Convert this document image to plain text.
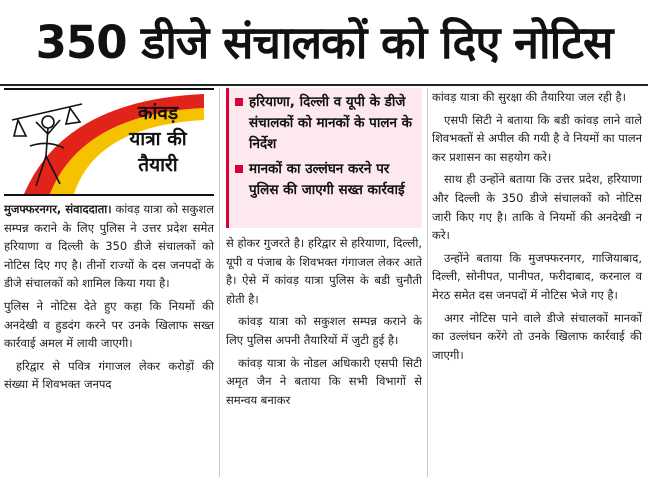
350 डीजे संचालकों को दिए नोटिस
कांवड़
यात्रा की
तैयारी

मुजफ्फरनगर, संवाददाता। कांवड़ यात्रा को सकुशल सम्पन्न कराने के लिए पुलिस ने उत्तर प्रदेश समेत हरियाणा व दिल्ली के 350 डीजे संचालकों को नोटिस दिए गए है। तीनों राज्यों के दस जनपदों के डीजे संचालकों को शामिल किया गया है।

पुलिस ने नोटिस देते हुए कहा कि नियमों की अनदेखी व हुडदंग करने पर उनके खिलाफ सख्त कार्रवाई अमल में लायी जाएगी।

हरिद्वार से पवित्र गंगाजल लेकर करोड़ों की संख्या में शिवभक्त जनपद

हरियाणा, दिल्ली व यूपी के डीजे संचालकों को मानकों के पालन के निर्देश
मानकों का उल्लंघन करने पर पुलिस की जाएगी सख्त कार्रवाई

से होकर गुजरते है। हरिद्वार से हरियाणा, दिल्ली, यूपी व पंजाब के शिवभक्त गंगाजल लेकर आते है। ऐसे में कांवड़ यात्रा पुलिस के बडी चुनौती होती है।

कांवड़ यात्रा को सकुशल सम्पन्न कराने के लिए पुलिस अपनी तैयारियों में जुटी हुई है।

कांवड़ यात्रा के नोडल अधिकारी एसपी सिटी अमृत जैन ने बताया कि सभी विभागों से समन्वय बनाकर

कांवड़ यात्रा की सुरक्षा की तैयारिया जल रही है।

एसपी सिटी ने बताया कि बडी कांवड़ लाने वाले शिवभक्तों से अपील की गयी है वे नियमों का पालन कर प्रशासन का सहयोग करे।

साथ ही उन्होंने बताया कि उत्तर प्रदेश, हरियाणा और दिल्ली के 350 डीजे संचालकों को नोटिस जारी किए गए है। ताकि वे नियमों की अनदेखी न करे।

उन्होंने बताया कि मुजफ्फरनगर, गाजियाबाद, दिल्ली, सोनीपत, पानीपत, फरीदाबाद, करनाल व मेरठ समेत दस जनपदों में नोटिस भेजे गए है।

अगर नोटिस पाने वाले डीजे संचालकों मानकों का उल्लंघन करेंगे तो उनके खिलाफ कार्रवाई की जाएगी।
